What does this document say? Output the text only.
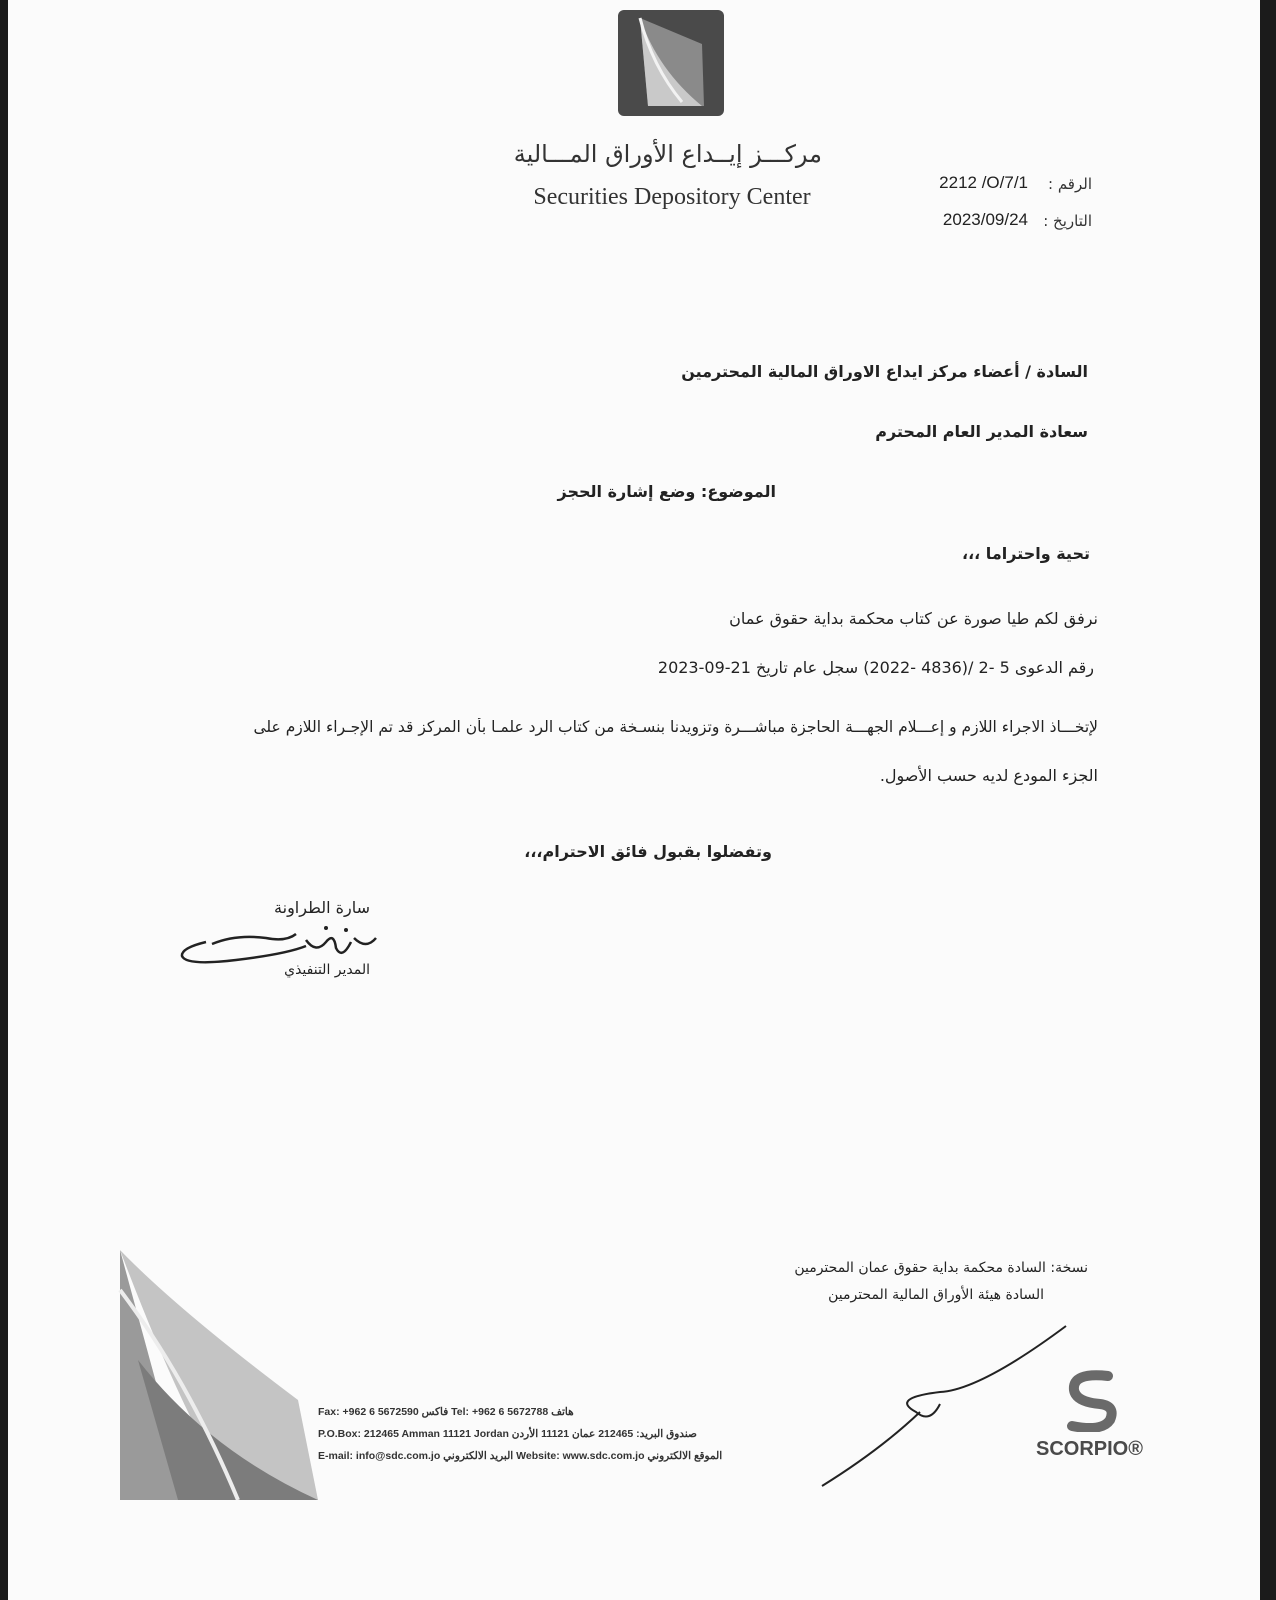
مركـــز إيــداع الأوراق المـــالية
Securities Depository Center	الرقم :
2212 /O/7/1
التاريخ :
2023/09/24
السادة / أعضاء مركز ايداع الاوراق المالية المحترمين
سعادة المدير العام المحترم
الموضوع: وضع إشارة الحجز
تحية واحتراما ،،،
نرفق لكم طيا صورة عن كتاب محكمة بداية حقوق عمان
رقم الدعوى 5 -2 /(4836 -2022) سجل عام تاريخ 21-09-2023
لإتخـــاذ الاجراء اللازم و إعـــلام الجهـــة الحاجزة مباشـــرة وتزويدنا بنسـخة من كتاب الرد علمـا بأن المركز قد تم الإجـراء اللازم على
الجزء المودع لديه حسب الأصول.
وتفضلوا بقبول فائق الاحترام،،،
سارة الطراونة
المدير التنفيذي
نسخة: السادة محكمة بداية حقوق عمان المحترمين
السادة هيئة الأوراق المالية المحترمين
Fax: +962 6 5672590 فاكس Tel: +962 6 5672788 هاتف
P.O.Box: 212465 Amman 11121 Jordan صندوق البريد: 212465 عمان 11121 الأردن
E-mail: info@sdc.com.jo البريد الالكتروني Website: www.sdc.com.jo الموقع الالكتروني	SCORPIO®
